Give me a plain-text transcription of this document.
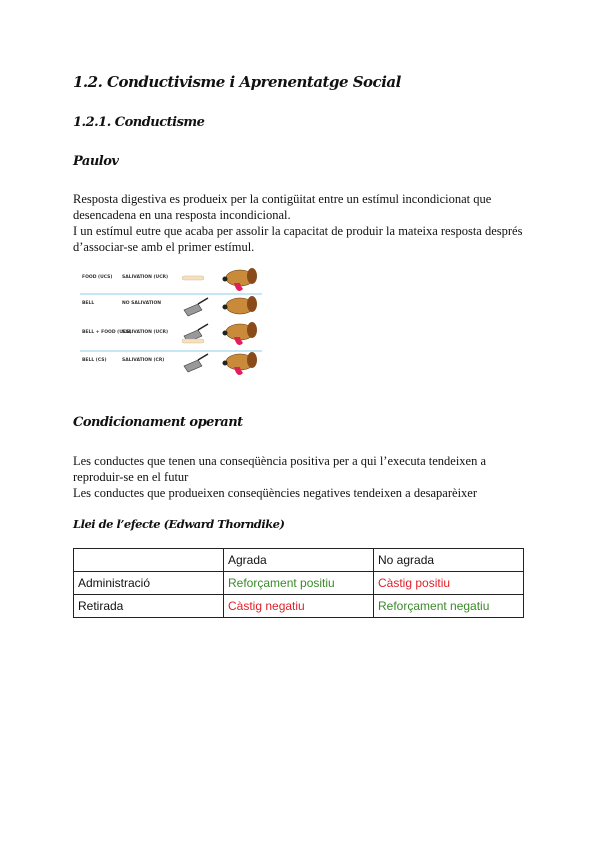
1.2. Conductivisme i Aprenentatge Social
1.2.1. Conductisme
Paulov
Resposta digestiva es produeix per la contigüitat entre un estímul incondicionat que
desencadena en una resposta incondicional.
I un estímul eutre que acaba per assolir la capacitat de produir la mateixa resposta després
d’associar-se amb el primer estímul.
FOOD (UCS) SALIVATION (UCR)
BELL	NO SALIVATION
BELL + FOOD (UCS)
SALIVATION (UCR)
BELL (CS)	SALIVATION (CR)
Condicionament operant
Les conductes que tenen una conseqüència positiva per a qui l’executa tendeixen a
reproduir-se en el futur
Les conductes que produeixen conseqüències negatives tendeixen a desaparèixer
Llei de l’efecte (Edward Thorndike)
	Agrada	No agrada
Administració	Reforçament positiu	Càstig positiu
Retirada	Càstig negatiu	Reforçament negatiu
